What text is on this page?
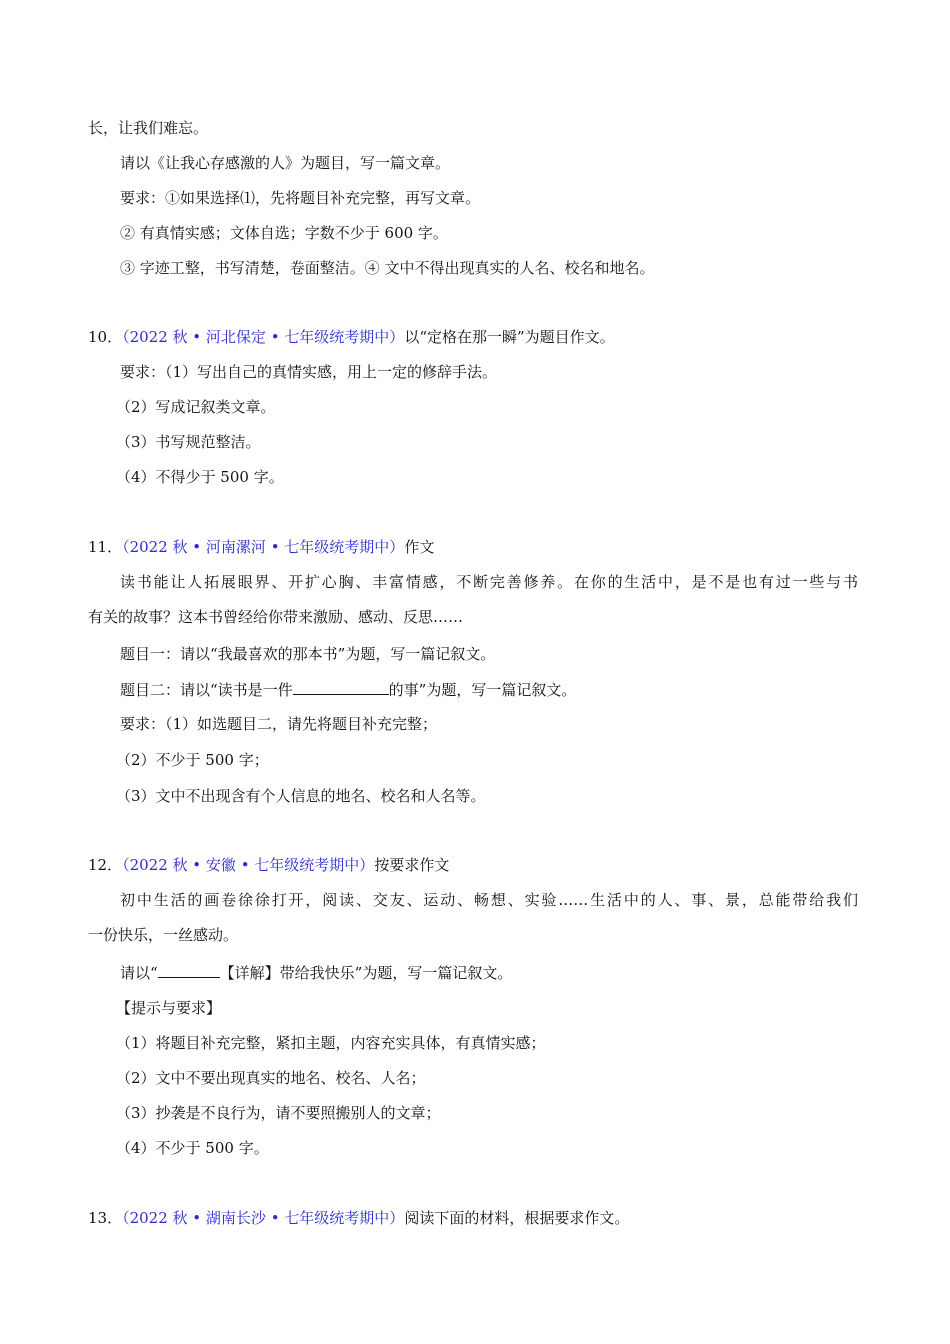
长，让我们难忘。
请以《让我心存感激的人》为题目，写一篇文章。
要求：①如果选择⑴，先将题目补充完整，再写文章。
② 有真情实感；文体自选；字数不少于 600 字。
③ 字迹工整，书写清楚，卷面整洁。④ 文中不得出现真实的人名、校名和地名。
10．（2022 秋 • 河北保定 • 七年级统考期中）以“定格在那一瞬”为题目作文。
要求：（1）写出自己的真情实感，用上一定的修辞手法。
（2）写成记叙类文章。
（3）书写规范整洁。
（4）不得少于 500 字。
11．（2022 秋 • 河南漯河 • 七年级统考期中）作文
读书能让人拓展眼界、开扩心胸、丰富情感，不断完善修养。在你的生活中，是不是也有过一些与书
有关的故事？这本书曾经给你带来激励、感动、反思……
题目一：请以“我最喜欢的那本书”为题，写一篇记叙文。
题目二：请以“读书是一件	的事”为题，写一篇记叙文。
要求：（1）如选题目二，请先将题目补充完整；
（2）不少于 500 字；
（3）文中不出现含有个人信息的地名、校名和人名等。
12．（2022 秋 • 安徽 • 七年级统考期中）按要求作文
初中生活的画卷徐徐打开，阅读、交友、运动、畅想、实验……生活中的人、事、景，总能带给我们
一份快乐，一丝感动。
请以“	【详解】带给我快乐”为题，写一篇记叙文。
【提示与要求】
（1）将题目补充完整，紧扣主题，内容充实具体，有真情实感；
（2）文中不要出现真实的地名、校名、人名；
（3）抄袭是不良行为，请不要照搬别人的文章；
（4）不少于 500 字。
13．（2022 秋 • 湖南长沙 • 七年级统考期中）阅读下面的材料，根据要求作文。
